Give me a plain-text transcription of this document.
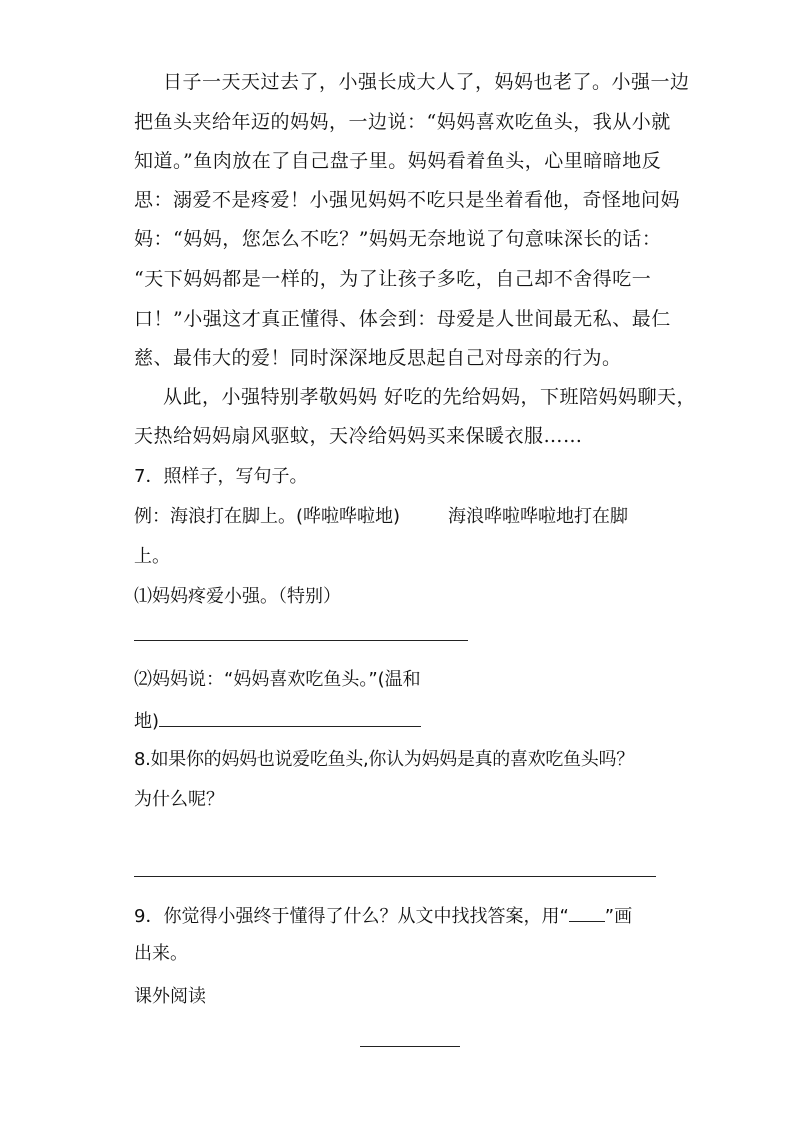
日子一天天过去了，小强长成大人了，妈妈也老了。小强一边
把鱼头夹给年迈的妈妈，一边说：“妈妈喜欢吃鱼头，我从小就
知道。”鱼肉放在了自己盘子里。妈妈看着鱼头，心里暗暗地反
思：溺爱不是疼爱！小强见妈妈不吃只是坐着看他，奇怪地问妈
妈：“妈妈，您怎么不吃？”妈妈无奈地说了句意味深长的话：
“天下妈妈都是一样的，为了让孩子多吃，自己却不舍得吃一
口！”小强这才真正懂得、体会到：母爱是人世间最无私、最仁
慈、最伟大的爱！同时深深地反思起自己对母亲的行为。
从此，小强特别孝敬妈妈 好吃的先给妈妈，下班陪妈妈聊天，
天热给妈妈扇风驱蚊，天冷给妈妈买来保暖衣服……
7．照样子，写句子。
例：海浪打在脚上。(哗啦哗啦地)	海浪哗啦哗啦地打在脚
上。
⑴妈妈疼爱小强。（特别）
⑵妈妈说：“妈妈喜欢吃鱼头。”(温和
地)
8.如果你的妈妈也说爱吃鱼头,你认为妈妈是真的喜欢吃鱼头吗？
为什么呢？
9．你觉得小强终于懂得了什么？从文中找找答案，用“ ”画
出来。
课外阅读
